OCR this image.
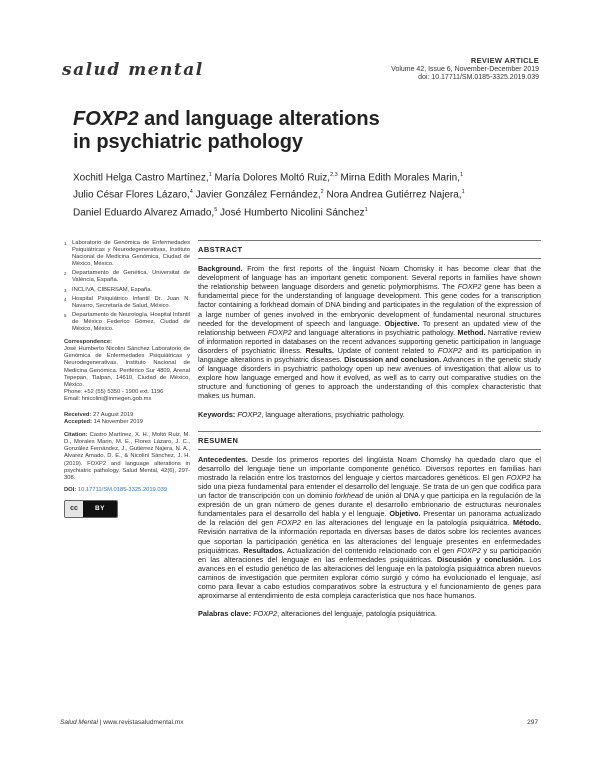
salud mental	REVIEW ARTICLE
Volume 42, Issue 6, November-December 2019
doi: 10.17711/SM.0185-3325.2019.039
FOXP2 and language alterations
in psychiatric pathology
Xochitl Helga Castro Martínez,$^1$ María Dolores Moltó Ruiz,$^{2,3}$ Mirna Edith Morales Marin,$^1$
Julio César Flores Lázaro,$^4$ Javier González Fernández,$^2$ Nora Andrea Gutiérrez Najera,$^1$
Daniel Eduardo Alvarez Amado,$^5$ José Humberto Nicolini Sánchez$^1$
1 Laboratorio de Genómica de Enfermedades Psiquiátricas y Neurodegenerativas, Instituto Nacional de Medicina Genómica, Ciudad de México, México.
2 Departamento de Genética, Universitat de València, España.
3 INCLIVA, CIBERSAM, España.
4 Hospital Psiquiátrico Infantil Dr. Juan N. Navarro, Secretaría de Salud, México.
5 Departamento de Neurología, Hospital Infantil de México Federico Gómez, Ciudad de México, México.
Correspondence:
José Humberto Nicolini Sánchez Laboratorio de Genómica de Enfermedades Psiquiátricas y Neurodegenerativas, Instituto Nacional de Medicina Genómica. Periférico Sur 4809, Arenal Tepepan, Tlalpan, 14610, Ciudad de México, México.
Phone: +52 (55) 5350 - 1900 ext. 1196
Email: hnicolini@inmegen.gob.mx
Received: 27 August 2019
Accepted: 14 November 2019
Citation: Castro Martínez, X. H., Moltó Ruiz, M. D., Morales Marin, M. E., Flores Lázaro, J. C., González Fernández, J., Gutiérrez Najera, N. A., Alvarez Amado, D. E., & Nicolini Sánchez, J. H. (2019). FOXP2 and language alterations in psychiatric pathology. Salud Mental, 42(6), 297-308.
DOI: 10.17711/SM.0185-3325.2019.039
cc	BY
ABSTRACT

Background. From the first reports of the linguist Noam Chomsky it has become clear that the development of language has an important genetic component. Several reports in families have shown the relationship between language disorders and genetic polymorphisms. The FOXP2 gene has been a fundamental piece for the understanding of language development. This gene codes for a transcription factor containing a forkhead domain of DNA binding and participates in the regulation of the expression of a large number of genes involved in the embryonic development of fundamental neuronal structures needed for the development of speech and language. Objective. To present an updated view of the relationship between FOXP2 and language alterations in psychiatric pathology. Method. Narrative review of information reported in databases on the recent advances supporting genetic participation in language disorders of psychiatric illness. Results. Update of content related to FOXP2 and its participation in language alterations in psychiatric diseases. Discussion and conclusion. Advances in the genetic study of language disorders in psychiatric pathology open up new avenues of investigation that allow us to explore how language emerged and how it evolved, as well as to carry out comparative studies on the structure and functioning of genes to approach the understanding of this complex characteristic that makes us human.

Keywords: FOXP2, language alterations, psychiatric pathology.
RESUMEN

Antecedentes. Desde los primeros reportes del lingüista Noam Chomsky ha quedado claro que el desarrollo del lenguaje tiene un importante componente genético. Diversos reportes en familias han mostrado la relación entre los trastornos del lenguaje y ciertos marcadores genéticos. El gen FOXP2 ha sido una pieza fundamental para entender el desarrollo del lenguaje. Se trata de un gen que codifica para un factor de transcripción con un dominio forkhead de unión al DNA y que participa en la regulación de la expresión de un gran número de genes durante el desarrollo embrionario de estructuras neuronales fundamentales para el desarrollo del habla y el lenguaje. Objetivo. Presentar un panorama actualizado de la relación del gen FOXP2 en las alteraciones del lenguaje en la patología psiquiátrica. Método. Revisión narrativa de la información reportada en diversas bases de datos sobre los recientes avances que soportan la participación genética en las alteraciones del lenguaje presentes en enfermedades psiquiátricas. Resultados. Actualización del contenido relacionado con el gen FOXP2 y su participación en las alteraciones del lenguaje en las enfermedades psiquiátricas. Discusión y conclusión. Los avances en el estudio genético de las alteraciones del lenguaje en la patología psiquiátrica abren nuevos caminos de investigación que permiten explorar cómo surgió y cómo ha evolucionado el lenguaje, así como para llevar a cabo estudios comparativos sobre la estructura y el funcionamiento de genes para aproximarse al entendimiento de esta compleja característica que nos hace humanos.

Palabras clave: FOXP2, alteraciones del lenguaje, patología psiquiátrica.
Salud Mental | www.revistasaludmental.mx	297
